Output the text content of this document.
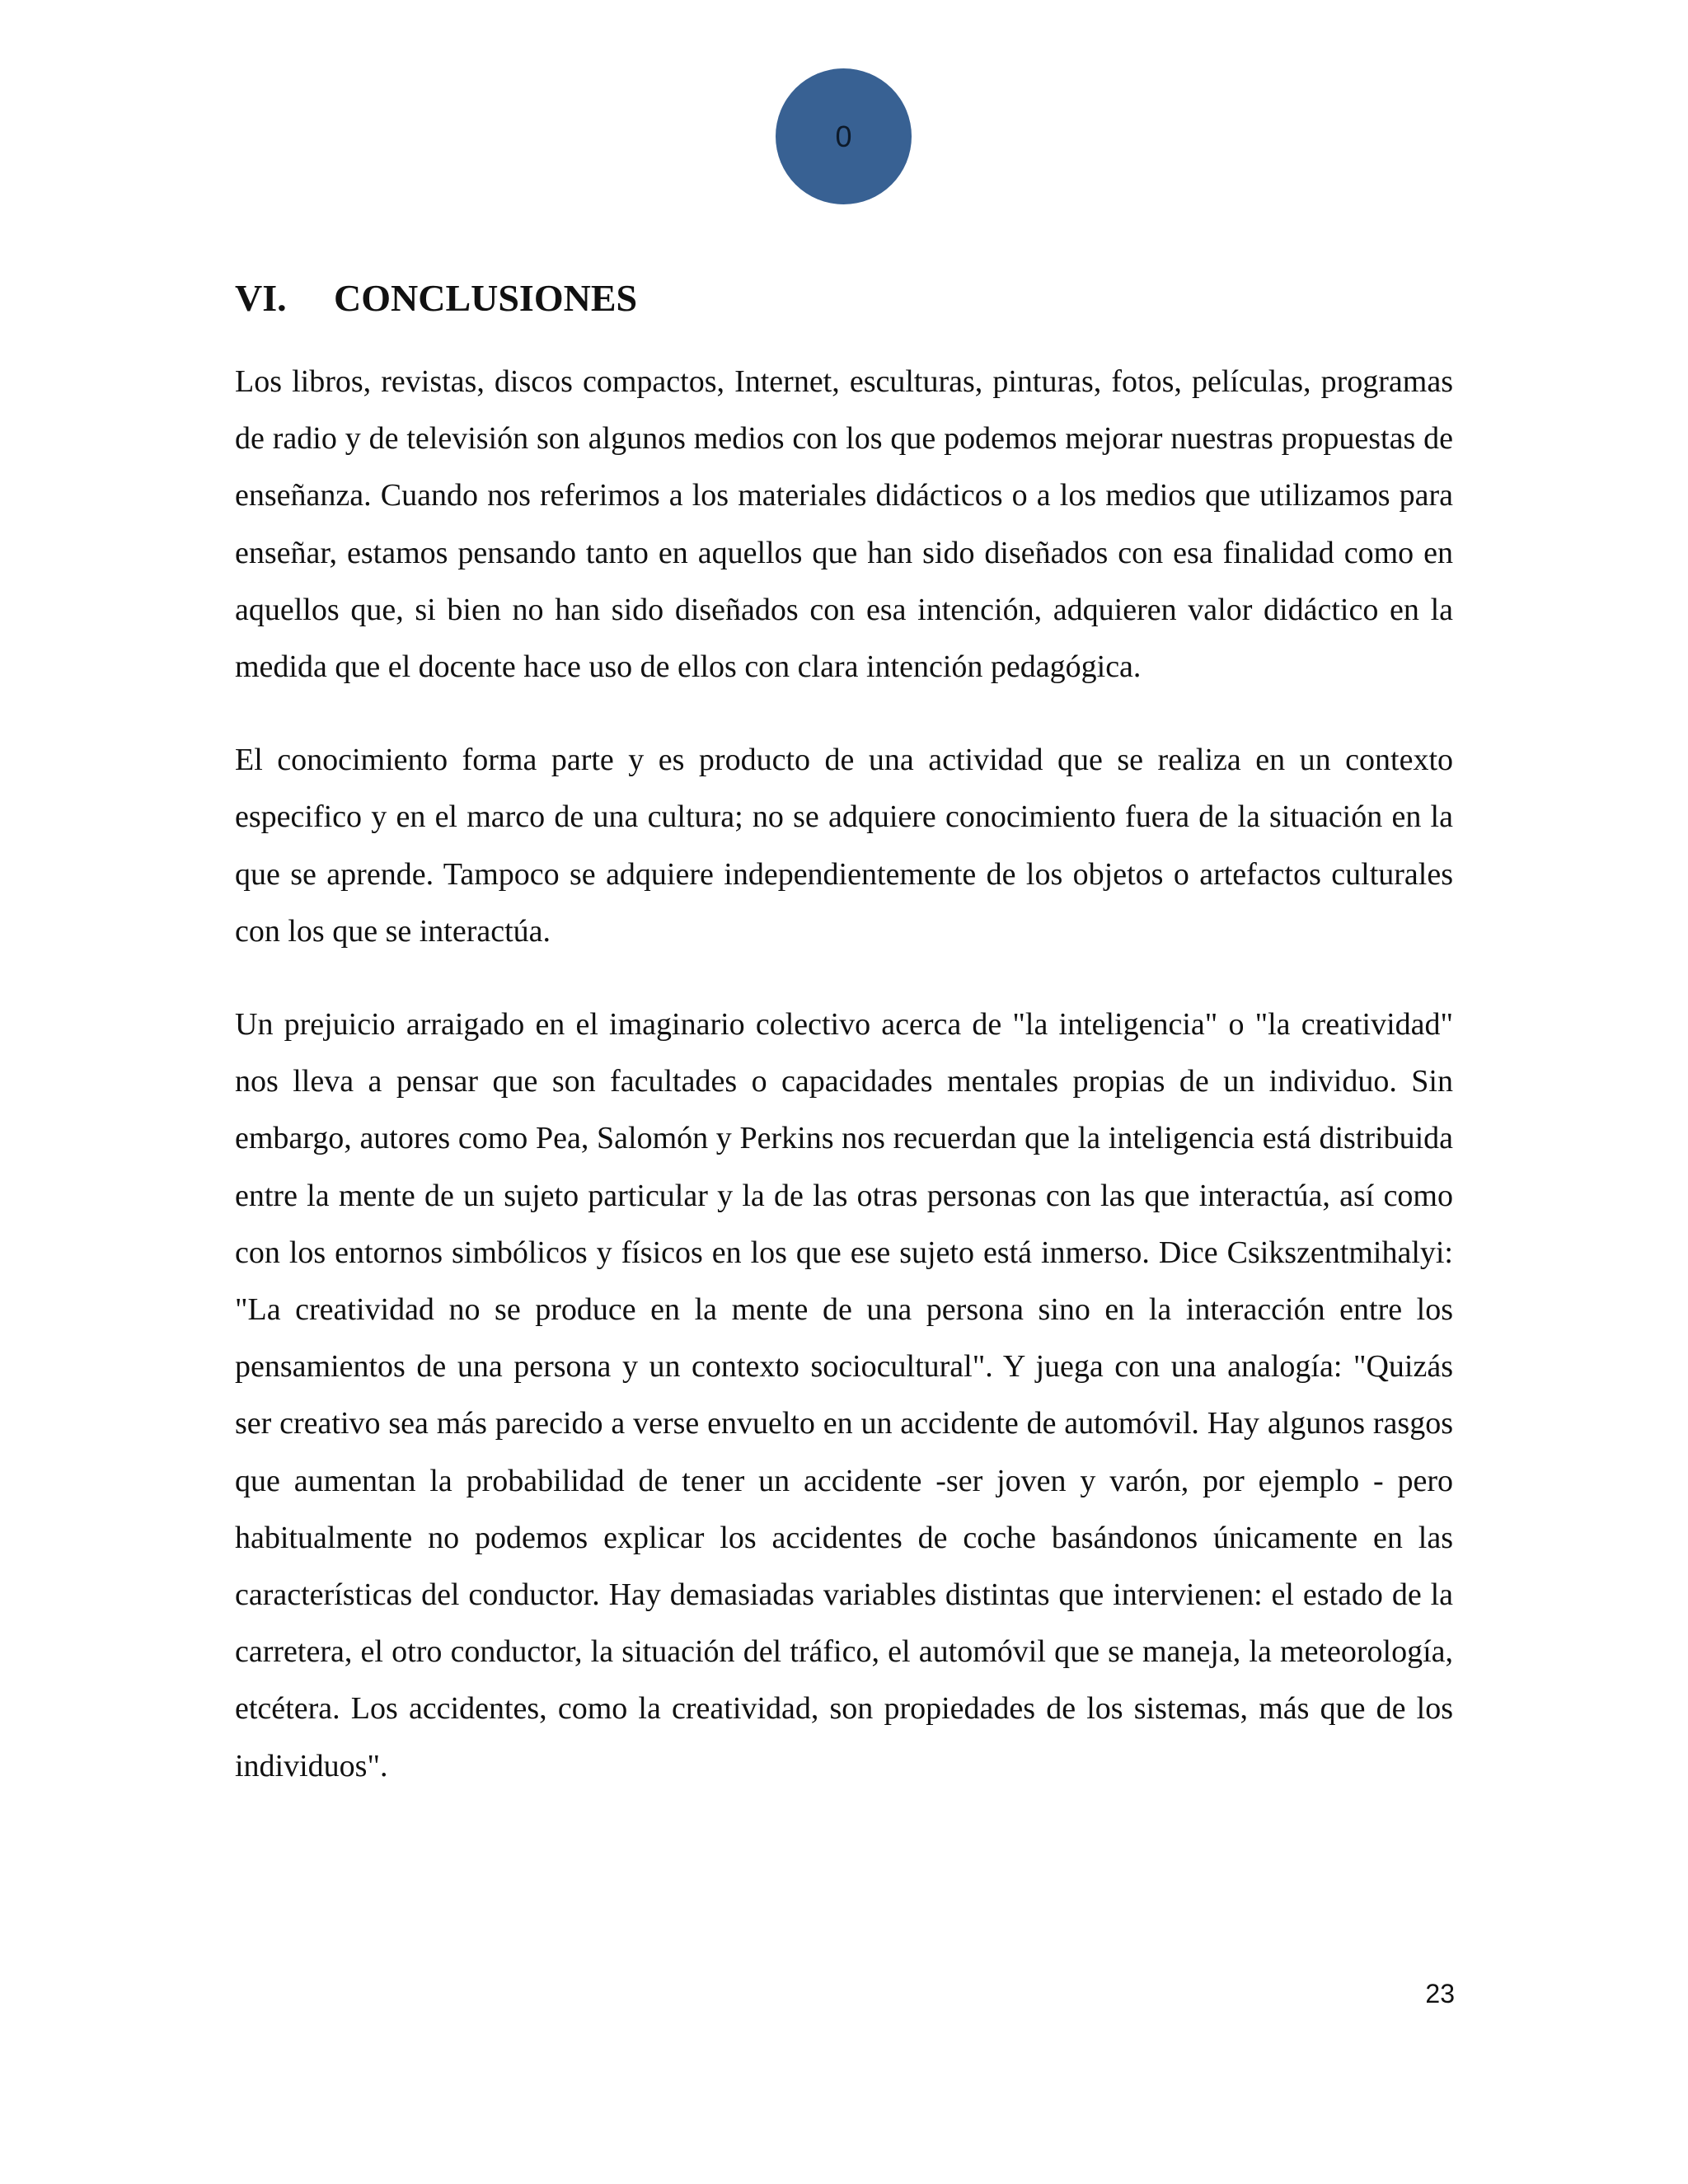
0
VI.	CONCLUSIONES

Los libros, revistas, discos compactos, Internet, esculturas, pinturas, fotos, películas, programas de radio y de televisión son algunos medios con los que podemos mejorar nuestras propuestas de enseñanza. Cuando nos referimos a los materiales didácticos o a los medios que utilizamos para enseñar, estamos pensando tanto en aquellos que han sido diseñados con esa finalidad como en aquellos que, si bien no han sido diseñados con esa intención, adquieren valor didáctico en la medida que el docente hace uso de ellos con clara intención pedagógica.

El conocimiento forma parte y es producto de una actividad que se realiza en un contexto especifico y en el marco de una cultura; no se adquiere conocimiento fuera de la situación en la que se aprende. Tampoco se adquiere independientemente de los objetos o artefactos culturales con los que se interactúa.

Un prejuicio arraigado en el imaginario colectivo acerca de "la inteligencia" o "la creatividad" nos lleva a pensar que son facultades o capacidades mentales propias de un individuo. Sin embargo, autores como Pea, Salomón y Perkins nos recuerdan que la inteligencia está distribuida entre la mente de un sujeto particular y la de las otras personas con las que interactúa, así como con los entornos simbólicos y físicos en los que ese sujeto está inmerso. Dice Csikszentmihalyi: "La creatividad no se produce en la mente de una persona sino en la interacción entre los pensamientos de una persona y un contexto sociocultural". Y juega con una analogía: "Quizás ser creativo sea más parecido a verse envuelto en un accidente de automóvil. Hay algunos rasgos que aumentan la probabilidad de tener un accidente -ser joven y varón, por ejemplo - pero habitualmente no podemos explicar los accidentes de coche basándonos únicamente en las características del conductor. Hay demasiadas variables distintas que intervienen: el estado de la carretera, el otro conductor, la situación del tráfico, el automóvil que se maneja, la meteorología, etcétera. Los accidentes, como la creatividad, son propiedades de los sistemas, más que de los individuos".

23
